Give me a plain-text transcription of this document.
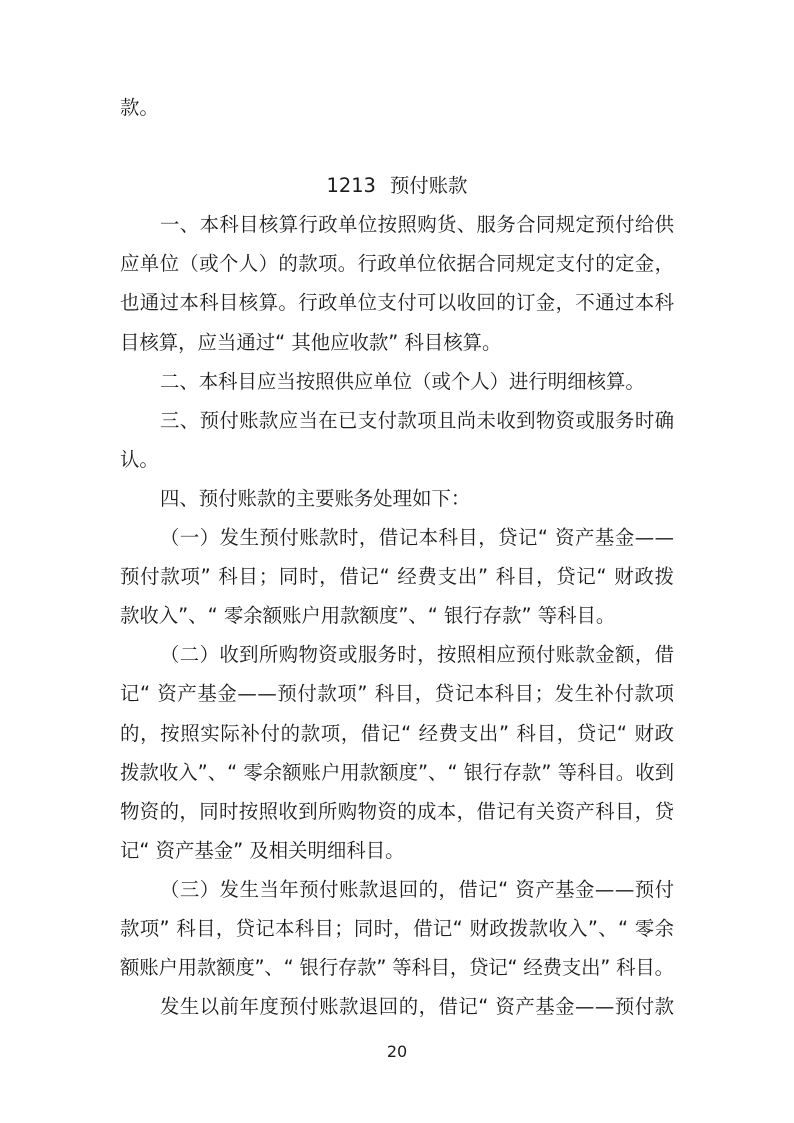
款。
1213 预付账款
一、本科目核算行政单位按照购货、服务合同规定预付给供
应单位（或个人）的款项。行政单位依据合同规定支付的定金，
也通过本科目核算。行政单位支付可以收回的订金，不通过本科
目核算，应当通过“ 其他应收款” 科目核算。
二、本科目应当按照供应单位（或个人）进行明细核算。
三、预付账款应当在已支付款项且尚未收到物资或服务时确
认。
四、预付账款的主要账务处理如下：
（一）发生预付账款时，借记本科目，贷记“ 资产基金——
预付款项” 科目；同时，借记“ 经费支出” 科目，贷记“ 财政拨
款收入”、“ 零余额账户用款额度”、“ 银行存款” 等科目。
（二）收到所购物资或服务时，按照相应预付账款金额，借
记“ 资产基金——预付款项” 科目，贷记本科目；发生补付款项
的，按照实际补付的款项，借记“ 经费支出” 科目，贷记“ 财政
拨款收入”、“ 零余额账户用款额度”、“ 银行存款” 等科目。收到
物资的，同时按照收到所购物资的成本，借记有关资产科目，贷
记“ 资产基金” 及相关明细科目。
（三）发生当年预付账款退回的，借记“ 资产基金——预付
款项” 科目，贷记本科目；同时，借记“ 财政拨款收入”、“ 零余
额账户用款额度”、“ 银行存款” 等科目，贷记“ 经费支出” 科目。
发生以前年度预付账款退回的，借记“ 资产基金——预付款
20
